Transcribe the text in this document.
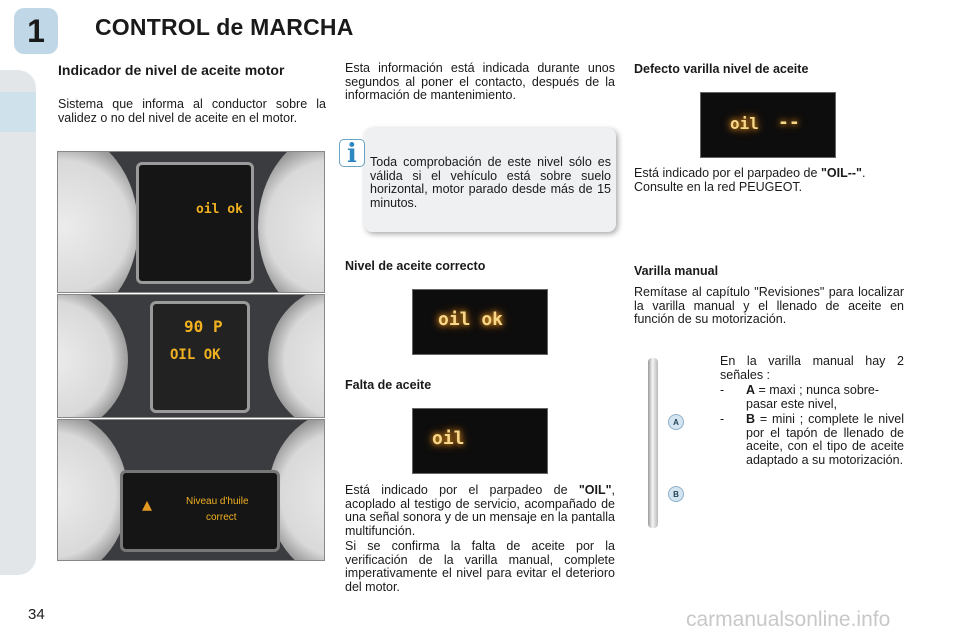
1	CONTROL de MARCHA
Indicador de nivel de aceite motor
Sistema que informa al conductor sobre la validez o no del nivel de aceite en el motor.
oil ok
90 P
OIL OK
▴	Niveau d'huile
correct
Esta información está indicada durante unos segundos al poner el contacto, después de la información de mantenimiento.
i	Toda comprobación de este nivel sólo es válida si el vehículo está sobre suelo horizontal, motor parado desde más de 15 minutos.
Nivel de aceite correcto
oil ok
Falta de aceite
oil
Está indicado por el parpadeo de "OIL", acoplado al testigo de servicio, acompañado de una señal sonora y de un mensaje en la pantalla multifunción.
Si se confirma la falta de aceite por la verificación de la varilla manual, complete imperativamente el nivel para evitar el deterioro del motor.
Defecto varilla nivel de aceite
oil --
Está indicado por el parpadeo de "OIL--". Consulte en la red PEUGEOT.
Varilla manual
Remítase al capítulo "Revisiones" para localizar la varilla manual y el llenado de aceite en función de su motorización.
A
B
En la varilla manual hay 2 señales :
-	A = maxi ; nunca sobre-pasar este nivel,
-	B = mini ; complete le nivel por el tapón de llenado de aceite, con el tipo de aceite adaptado a su motorización.
34	carmanualsonline.info
